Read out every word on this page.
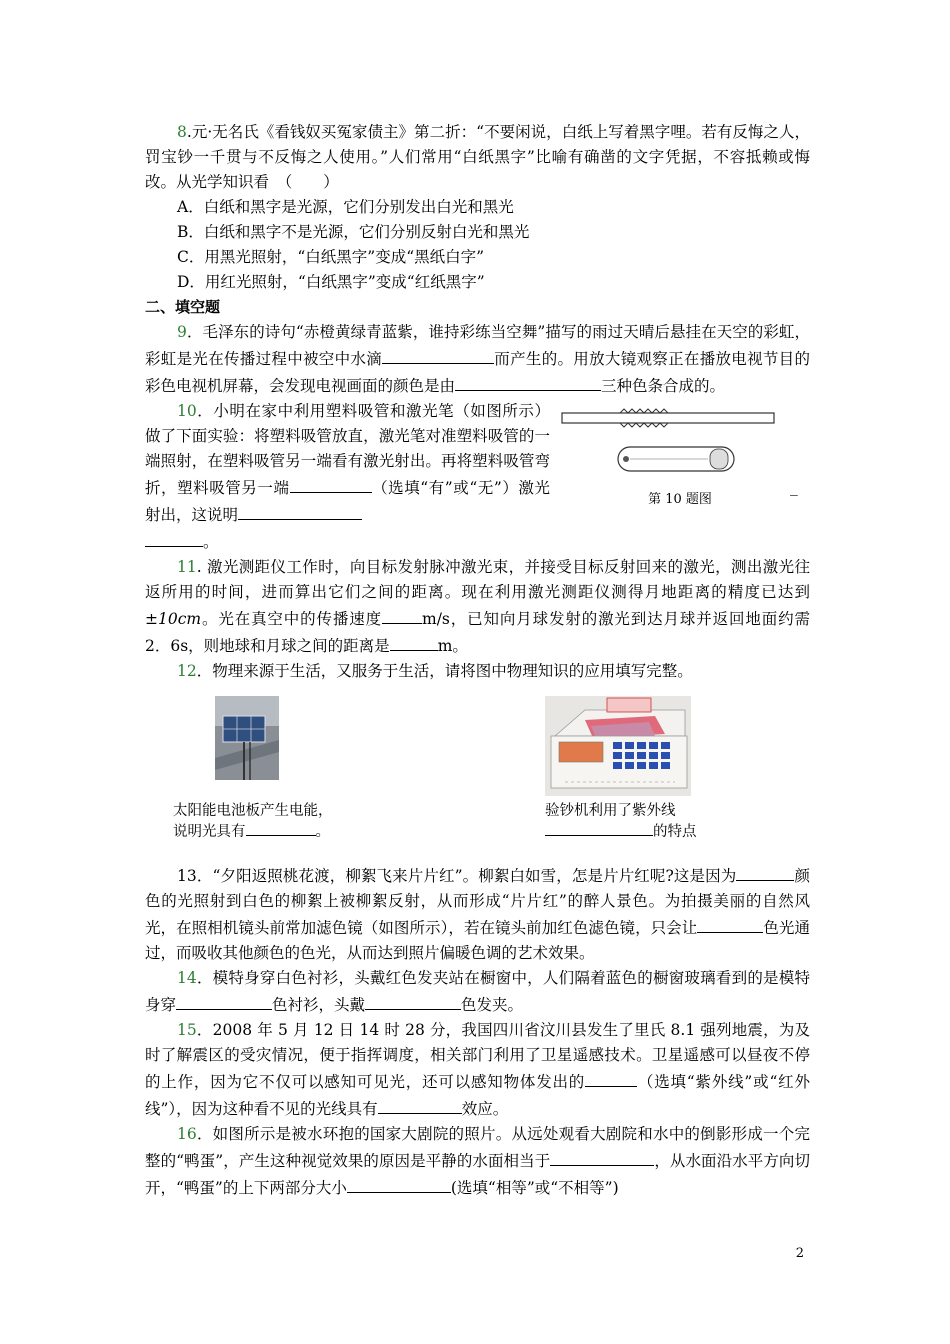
8.元·无名氏《看钱奴买冤家债主》第二折：“不要闲说，白纸上写着黑字哩。若有反悔之人，罚宝钞一千贯与不反悔之人使用。”人们常用“白纸黑字”比喻有确凿的文字凭据，不容抵赖或悔改。从光学知识看　（　　）

A．白纸和黑字是光源，它们分别发出白光和黑光

B．白纸和黑字不是光源，它们分别反射白光和黑光

C．用黑光照射，“白纸黑字”变成“黑纸白字”

D．用红光照射，“白纸黑字”变成“红纸黑字”

二、填空题

9．毛泽东的诗句“赤橙黄绿青蓝紫，谁持彩练当空舞”描写的雨过天晴后悬挂在天空的彩虹，彩虹是光在传播过程中被空中水滴	而产生的。用放大镜观察正在播放电视节目的彩色电视机屏幕，会发现电视画面的颜色是由	三种色条合成的。

10．小明在家中利用塑料吸管和激光笔（如图所示）做了下面实验：将塑料吸管放直，激光笔对准塑料吸管的一端照射，在塑料吸管另一端看有激光射出。再将塑料吸管弯折，塑料吸管另一端	（选填“有”或“无”）激光射出，这说明

。

第 10 题图
_

11. 激光测距仪工作时，向目标发射脉冲激光束，并接受目标反射回来的激光，测出激光往返所用的时间，进而算出它们之间的距离。现在利用激光测距仪测得月地距离的精度已达到±10cm。光在真空中的传播速度	m/s，已知向月球发射的激光到达月球并返回地面约需 2．6s，则地球和月球之间的距离是	m。

12．物理来源于生活，又服务于生活，请将图中物理知识的应用填写完整。

太阳能电池板产生电能，
说明光具有	。
验钞机利用了紫外线
的特点

13．“夕阳返照桃花渡，柳絮飞来片片红”。柳絮白如雪，怎是片片红呢?这是因为	颜色的光照射到白色的柳絮上被柳絮反射，从而形成“片片红”的醉人景色。为拍摄美丽的自然风光，在照相机镜头前常加滤色镜（如图所示），若在镜头前加红色滤色镜，只会让	色光通过，而吸收其他颜色的色光，从而达到照片偏暖色调的艺术效果。

14．模特身穿白色衬衫，头戴红色发夹站在橱窗中，人们隔着蓝色的橱窗玻璃看到的是模特身穿	色衬衫，头戴	色发夹。

15．2008 年 5 月 12 日 14 时 28 分，我国四川省汶川县发生了里氏 8.1 强列地震，为及时了解震区的受灾情况，便于指挥调度，相关部门利用了卫星遥感技术。卫星遥感可以昼夜不停的上作，因为它不仅可以感知可见光，还可以感知物体发出的	（选填“紫外线”或“红外线”），因为这种看不见的光线具有	效应。

16．如图所示是被水环抱的国家大剧院的照片。从远处观看大剧院和水中的倒影形成一个完整的“鸭蛋”，产生这种视觉效果的原因是平静的水面相当于	，从水面沿水平方向切开，“鸭蛋”的上下两部分大小	(选填“相等”或“不相等”)

2
